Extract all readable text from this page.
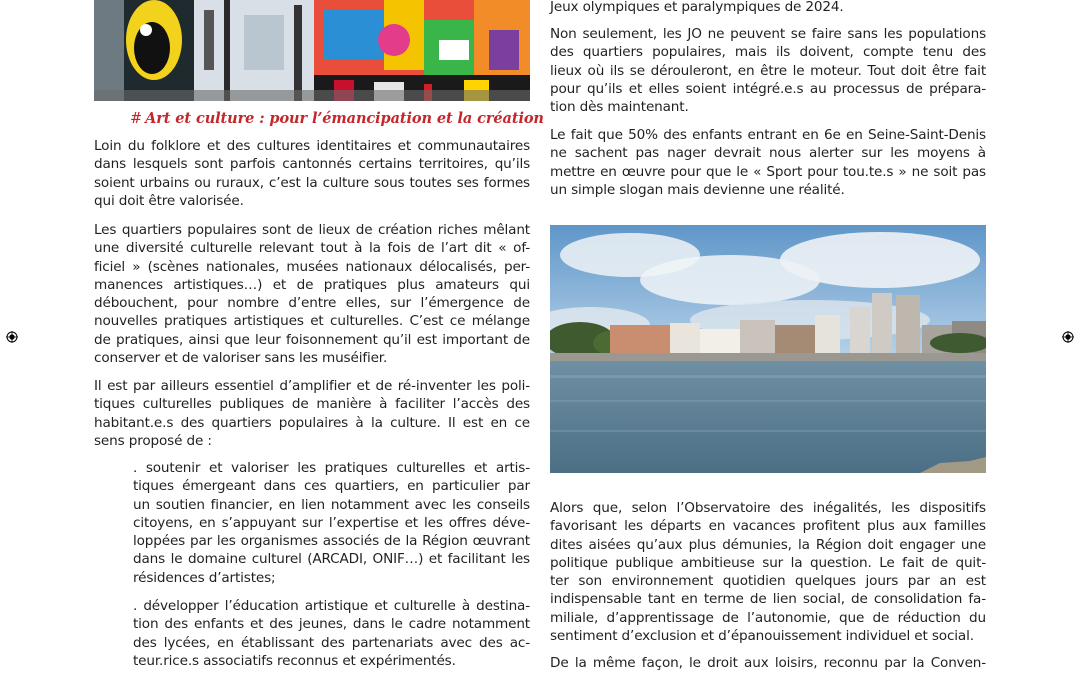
# Art et culture : pour l’émancipation et la création
Loin du folklore et des cultures identitaires et communautaires
dans lesquels sont parfois cantonnés certains territoires, qu’ils
soient urbains ou ruraux, c’est la culture sous toutes ses formes
qui doit être valorisée.
Les quartiers populaires sont de lieux de création riches mêlant
une diversité culturelle relevant tout à la fois de l’art dit « of-
ficiel » (scènes nationales, musées nationaux délocalisés, per-
manences artistiques…) et de pratiques plus amateurs qui
débouchent, pour nombre d’entre elles, sur l’émergence de
nouvelles pratiques artistiques et culturelles. C’est ce mélange
de pratiques, ainsi que leur foisonnement qu’il est important de
conserver et de valoriser sans les muséifier.
Il est par ailleurs essentiel d’amplifier et de ré-inventer les poli-
tiques culturelles publiques de manière à faciliter l’accès des
habitant.e.s des quartiers populaires à la culture. Il est en ce
sens proposé de :
. soutenir et valoriser les pratiques culturelles et artis-
tiques émergeant dans ces quartiers, en particulier par
un soutien financier, en lien notamment avec les conseils
citoyens, en s’appuyant sur l’expertise et les offres déve-
loppées par les organismes associés de la Région œuvrant
dans le domaine culturel (ARCADI, ONIF…) et facilitant les
résidences d’artistes;
. développer l’éducation artistique et culturelle à destina-
tion des enfants et des jeunes, dans le cadre notamment
des lycées, en établissant des partenariats avec des ac-
teur.rice.s associatifs reconnus et expérimentés.
Jeux olympiques et paralympiques de 2024.
Non seulement, les JO ne peuvent se faire sans les populations
des quartiers populaires, mais ils doivent, compte tenu des
lieux où ils se dérouleront, en être le moteur. Tout doit être fait
pour qu’ils et elles soient intégré.e.s au processus de prépara-
tion dès maintenant.
Le fait que 50% des enfants entrant en 6e en Seine-Saint-Denis
ne sachent pas nager devrait nous alerter sur les moyens à
mettre en œuvre pour que le « Sport pour tou.te.s » ne soit pas
un simple slogan mais devienne une réalité.
Alors que, selon l’Observatoire des inégalités, les dispositifs
favorisant les départs en vacances profitent plus aux familles
dites aisées qu’aux plus démunies, la Région doit engager une
politique publique ambitieuse sur la question. Le fait de quit-
ter son environnement quotidien quelques jours par an est
indispensable tant en terme de lien social, de consolidation fa-
miliale, d’apprentissage de l’autonomie, que de réduction du
sentiment d’exclusion et d’épanouissement individuel et social.
De la même façon, le droit aux loisirs, reconnu par la Conven-
